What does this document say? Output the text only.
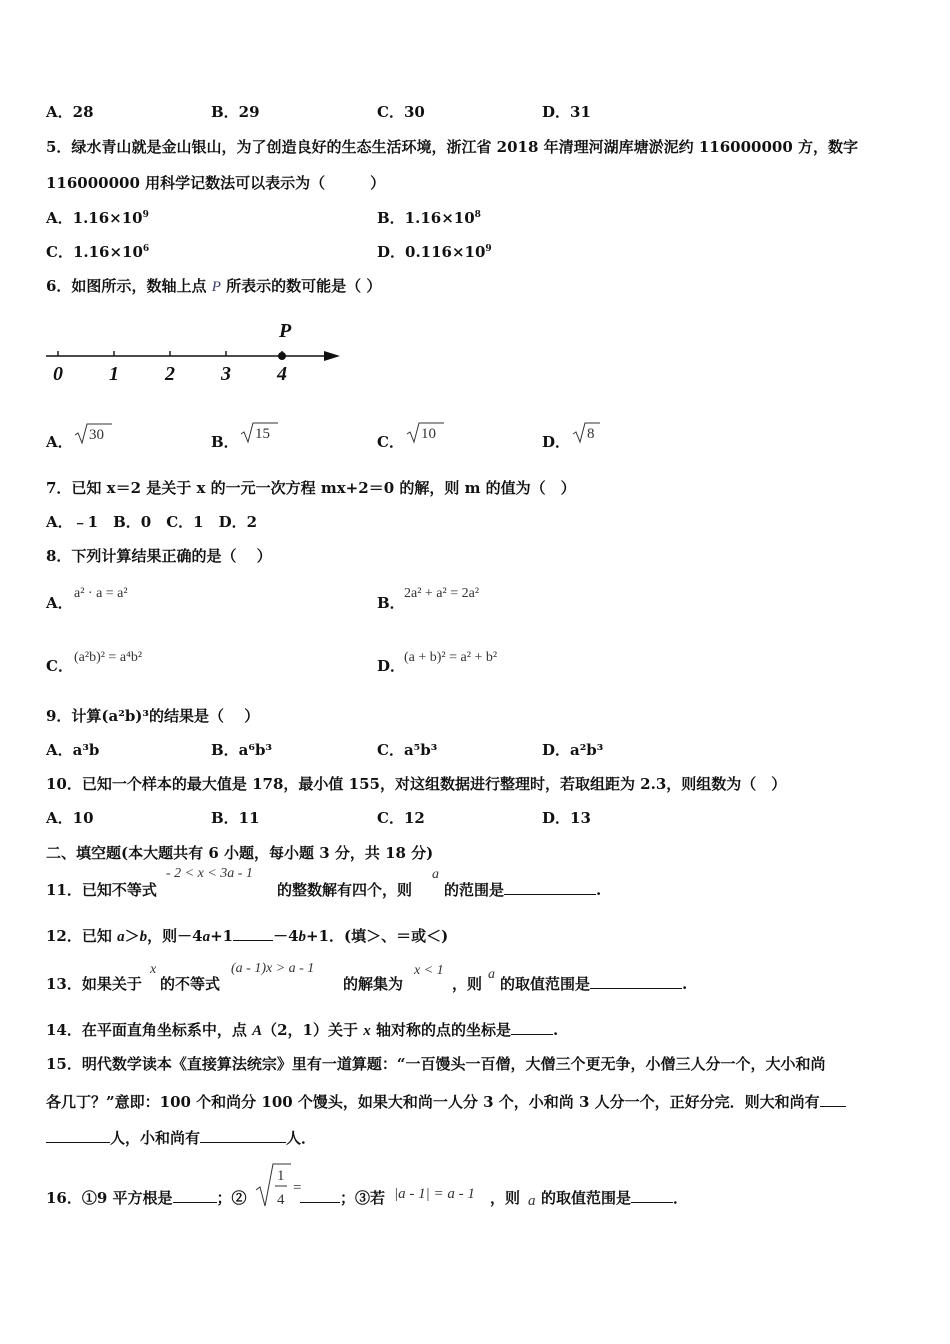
A．28	B．29	C．30	D．31
5．绿水青山就是金山银山，为了创造良好的生态生活环境，浙江省 2018 年清理河湖库塘淤泥约 116000000 方，数字
116000000 用科学记数法可以表示为（　　　）
A．$1.16\times 10^9$	B．$1.16\times 10^8$
C．$1.16\times 10^6$	D．$0.116\times 10^9$
6．如图所示，数轴上点 P 所表示的数可能是（ ）
0 1 2 3 4
P
A．	B．	C．	D．
30	15	10	8
7．已知 x＝2 是关于 x 的一元一次方程 mx+2＝0 的解，则 m 的值为（　）
A．﹣1　B．0　C．1　D．2
8．下列计算结果正确的是（　 ）
A．
a² · a = a²
B．
2a² + a² = 2a²
C． (a²b)² = a⁴b²	D．
(a + b)² = a² + b²
9．计算(a²b)³的结果是（　 ）
A．a³b	B．a⁶b³	C．a⁵b³	D．a²b³
10．已知一个样本的最大值是 178，最小值 155，对这组数据进行整理时，若取组距为 2.3，则组数为（　）
A．10	B．11	C．12	D．13
二、填空题(本大题共有 6 小题，每小题 3 分，共 18 分)
11．已知不等式
- 2 < x < 3a - 1
的整数解有四个，则
a
的范围是	.
12．已知 a＞b，则－4a+1	－4b+1．(填＞、＝或＜)
13．如果关于
x
的不等式
(a - 1)x > a - 1
的解集为
x < 1
，则
a
的取值范围是	.
14．在平面直角坐标系中，点 A（2，1）关于 x 轴对称的点的坐标是	.
15．明代数学读本《直接算法统宗》里有一道算题：“一百馒头一百僧，大僧三个更无争，小僧三人分一个，大小和尚
各几丁？”意即：100 个和尚分 100 个馒头，如果大和尚一人分 3 个，小和尚 3 人分一个，正好分完．则大和尚有
人，小和尚有	人．
16．①9 平方根是	；②
1
4
=
；③若 |a - 1| = a - 1 ，则 a 的取值范围是	．
